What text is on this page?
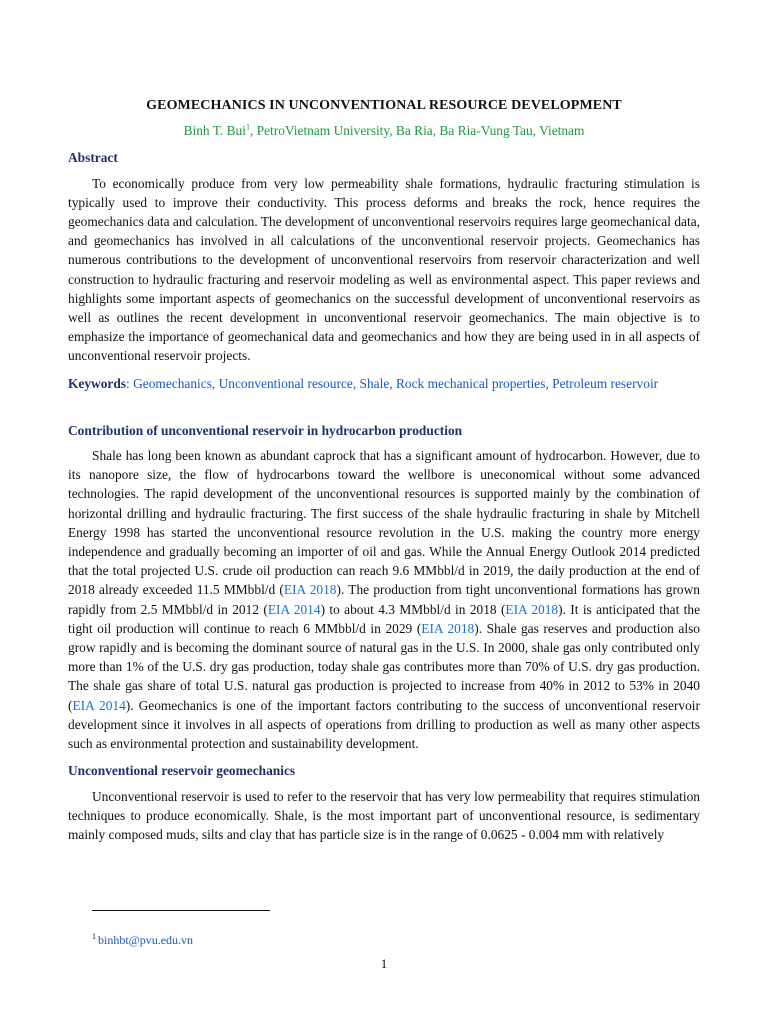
GEOMECHANICS IN UNCONVENTIONAL RESOURCE DEVELOPMENT
Binh T. Bui$^1$, PetroVietnam University, Ba Ria, Ba Ria-Vung Tau, Vietnam
Abstract

To economically produce from very low permeability shale formations, hydraulic fracturing stimulation is typically used to improve their conductivity. This process deforms and breaks the rock, hence requires the geomechanics data and calculation. The development of unconventional reservoirs requires large geomechanical data, and geomechanics has involved in all calculations of the unconventional reservoir projects. Geomechanics has numerous contributions to the development of unconventional reservoirs from reservoir characterization and well construction to hydraulic fracturing and reservoir modeling as well as environmental aspect. This paper reviews and highlights some important aspects of geomechanics on the successful development of unconventional reservoirs as well as outlines the recent development in unconventional reservoir geomechanics. The main objective is to emphasize the importance of geomechanical data and geomechanics and how they are being used in in all aspects of unconventional reservoir projects.

Keywords: Geomechanics, Unconventional resource, Shale, Rock mechanical properties, Petroleum reservoir
Contribution of unconventional reservoir in hydrocarbon production

Shale has long been known as abundant caprock that has a significant amount of hydrocarbon. However, due to its nanopore size, the flow of hydrocarbons toward the wellbore is uneconomical without some advanced technologies. The rapid development of the unconventional resources is supported mainly by the combination of horizontal drilling and hydraulic fracturing. The first success of the shale hydraulic fracturing in shale by Mitchell Energy 1998 has started the unconventional resource revolution in the U.S. making the country more energy independence and gradually becoming an importer of oil and gas. While the Annual Energy Outlook 2014 predicted that the total projected U.S. crude oil production can reach 9.6 MMbbl/d in 2019, the daily production at the end of 2018 already exceeded 11.5 MMbbl/d (EIA 2018). The production from tight unconventional formations has grown rapidly from 2.5 MMbbl/d in 2012 (EIA 2014) to about 4.3 MMbbl/d in 2018 (EIA 2018). It is anticipated that the tight oil production will continue to reach 6 MMbbl/d in 2029 (EIA 2018). Shale gas reserves and production also grow rapidly and is becoming the dominant source of natural gas in the U.S. In 2000, shale gas only contributed only more than 1% of the U.S. dry gas production, today shale gas contributes more than 70% of U.S. dry gas production. The shale gas share of total U.S. natural gas production is projected to increase from 40% in 2012 to 53% in 2040 (EIA 2014). Geomechanics is one of the important factors contributing to the success of unconventional reservoir development since it involves in all aspects of operations from drilling to production as well as many other aspects such as environmental protection and sustainability development.

Unconventional reservoir geomechanics

Unconventional reservoir is used to refer to the reservoir that has very low permeability that requires stimulation techniques to produce economically. Shale, is the most important part of unconventional resource, is sedimentary mainly composed muds, silts and clay that has particle size is in the range of 0.0625 - 0.004 mm with relatively

$^1$ binhbt@pvu.edu.vn
1
